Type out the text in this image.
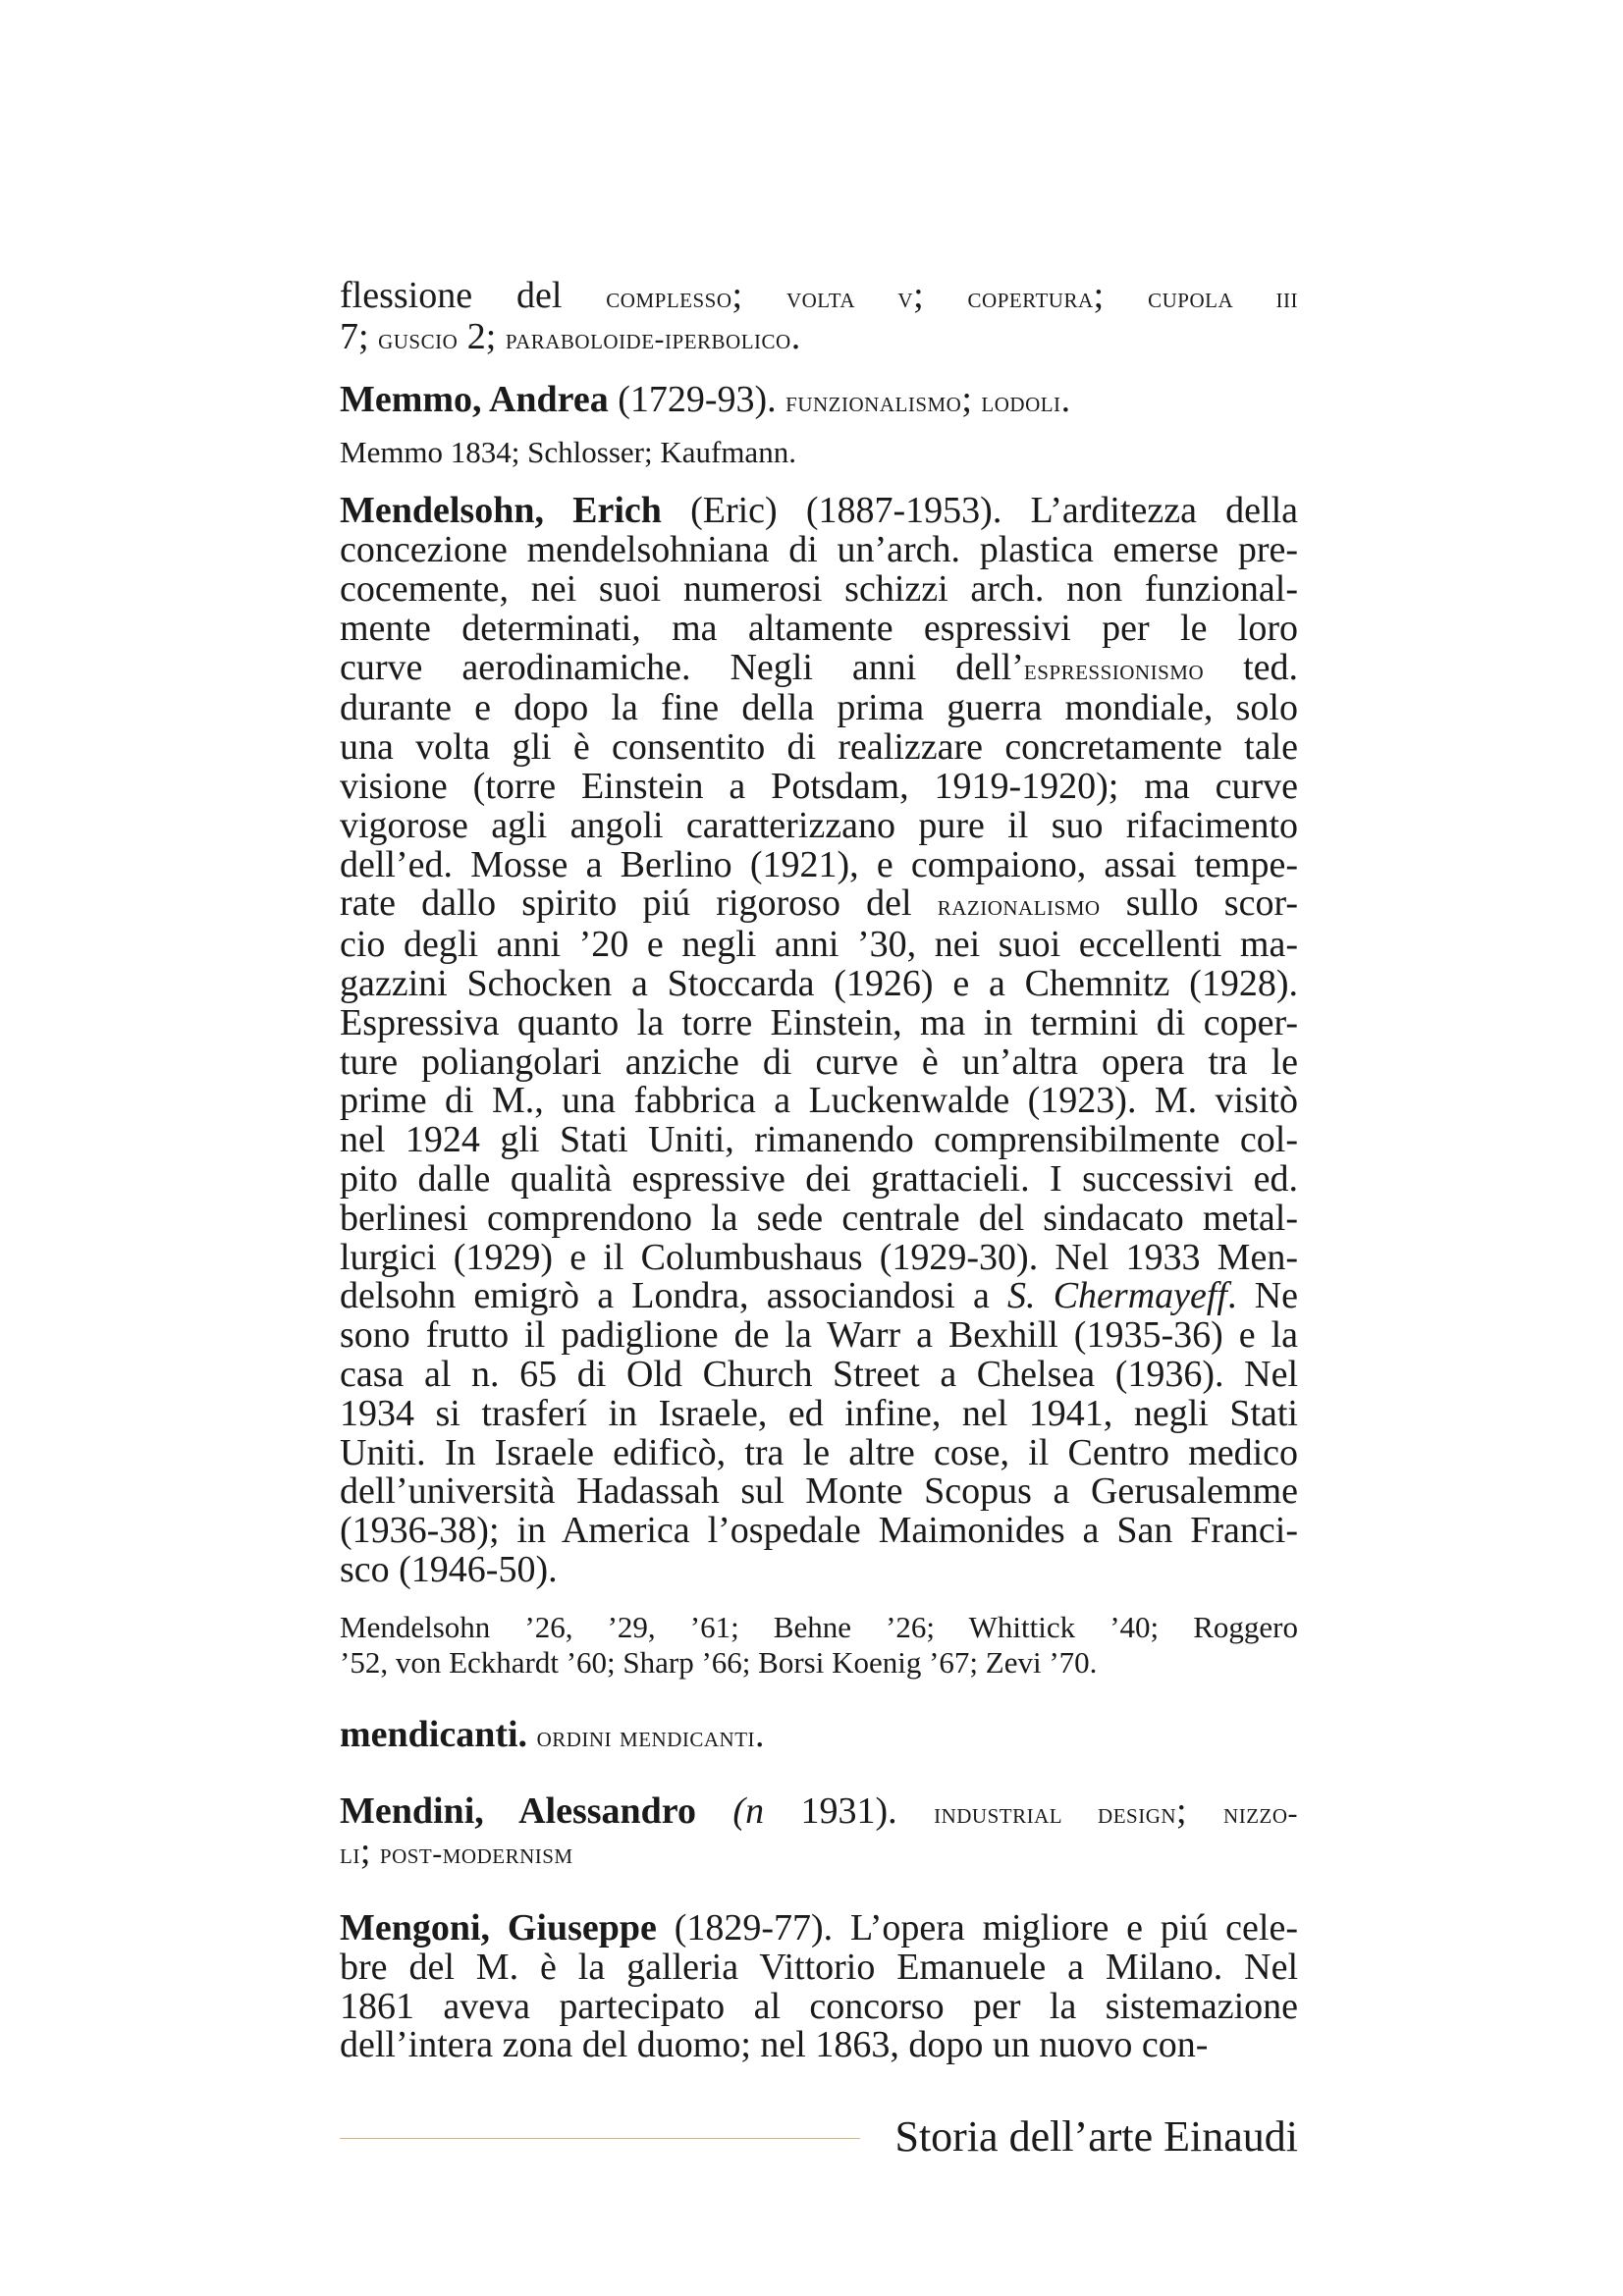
flessione del complesso; volta v; copertura; cupola iii
7; guscio 2; paraboloide-iperbolico.

Memmo, Andrea (1729-93). funzionalismo; lodoli.

Memmo 1834; Schlosser; Kaufmann.

Mendelsohn, Erich (Eric) (1887-1953). L’arditezza della
concezione mendelsohniana di un’arch. plastica emerse pre-
cocemente, nei suoi numerosi schizzi arch. non funzional-
mente determinati, ma altamente espressivi per le loro
curve aerodinamiche. Negli anni dell’espressionismo ted.
durante e dopo la fine della prima guerra mondiale, solo
una volta gli è consentito di realizzare concretamente tale
visione (torre Einstein a Potsdam, 1919-1920); ma curve
vigorose agli angoli caratterizzano pure il suo rifacimento
dell’ed. Mosse a Berlino (1921), e compaiono, assai tempe-
rate dallo spirito piú rigoroso del razionalismo sullo scor-
cio degli anni ’20 e negli anni ’30, nei suoi eccellenti ma-
gazzini Schocken a Stoccarda (1926) e a Chemnitz (1928).
Espressiva quanto la torre Einstein, ma in termini di coper-
ture poliangolari anziche di curve è un’altra opera tra le
prime di M., una fabbrica a Luckenwalde (1923). M. visitò
nel 1924 gli Stati Uniti, rimanendo comprensibilmente col-
pito dalle qualità espressive dei grattacieli. I successivi ed.
berlinesi comprendono la sede centrale del sindacato metal-
lurgici (1929) e il Columbushaus (1929-30). Nel 1933 Men-
delsohn emigrò a Londra, associandosi a S. Chermayeff. Ne
sono frutto il padiglione de la Warr a Bexhill (1935-36) e la
casa al n. 65 di Old Church Street a Chelsea (1936). Nel
1934 si trasferí in Israele, ed infine, nel 1941, negli Stati
Uniti. In Israele edificò, tra le altre cose, il Centro medico
dell’università Hadassah sul Monte Scopus a Gerusalemme
(1936-38); in America l’ospedale Maimonides a San Franci-
sco (1946-50).

Mendelsohn ’26, ’29, ’61; Behne ’26; Whittick ’40; Roggero
’52, von Eckhardt ’60; Sharp ’66; Borsi Koenig ’67; Zevi ’70.

mendicanti. ordini mendicanti.

Mendini, Alessandro (n 1931). industrial design; nizzo-
li; post-modernism

Mengoni, Giuseppe (1829-77). L’opera migliore e piú cele-
bre del M. è la galleria Vittorio Emanuele a Milano. Nel
1861 aveva partecipato al concorso per la sistemazione
dell’intera zona del duomo; nel 1863, dopo un nuovo con-

Storia dell’arte Einaudi
